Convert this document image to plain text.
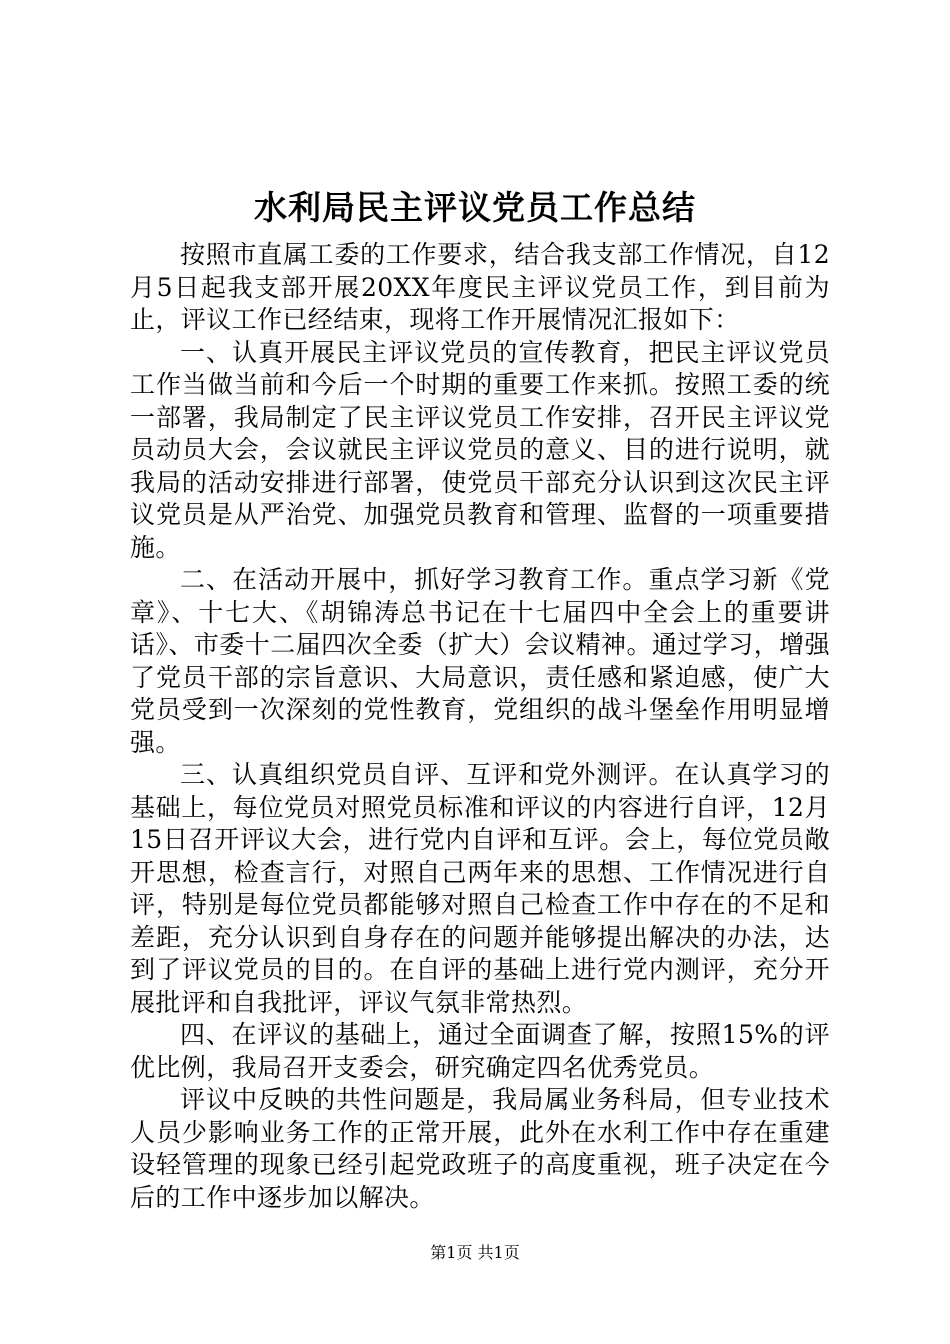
水利局民主评议党员工作总结

按照市直属工委的工作要求，结合我支部工作情况，自12月5日起我支部开展20XX年度民主评议党员工作，到目前为止，评议工作已经结束，现将工作开展情况汇报如下：

一、认真开展民主评议党员的宣传教育，把民主评议党员工作当做当前和今后一个时期的重要工作来抓。按照工委的统一部署，我局制定了民主评议党员工作安排，召开民主评议党员动员大会，会议就民主评议党员的意义、目的进行说明，就我局的活动安排进行部署，使党员干部充分认识到这次民主评议党员是从严治党、加强党员教育和管理、监督的一项重要措施。

二、在活动开展中，抓好学习教育工作。重点学习新《党章》、十七大、《胡锦涛总书记在十七届四中全会上的重要讲话》、市委十二届四次全委（扩大）会议精神。通过学习，增强了党员干部的宗旨意识、大局意识，责任感和紧迫感，使广大党员受到一次深刻的党性教育，党组织的战斗堡垒作用明显增强。

三、认真组织党员自评、互评和党外测评。在认真学习的基础上，每位党员对照党员标准和评议的内容进行自评，12月15日召开评议大会，进行党内自评和互评。会上，每位党员敞开思想，检查言行，对照自己两年来的思想、工作情况进行自评，特别是每位党员都能够对照自己检查工作中存在的不足和差距，充分认识到自身存在的问题并能够提出解决的办法，达到了评议党员的目的。在自评的基础上进行党内测评，充分开展批评和自我批评，评议气氛非常热烈。

四、在评议的基础上，通过全面调查了解，按照15%的评优比例，我局召开支委会，研究确定四名优秀党员。

评议中反映的共性问题是，我局属业务科局，但专业技术人员少影响业务工作的正常开展，此外在水利工作中存在重建设轻管理的现象已经引起党政班子的高度重视，班子决定在今后的工作中逐步加以解决。

第1页 共1页
